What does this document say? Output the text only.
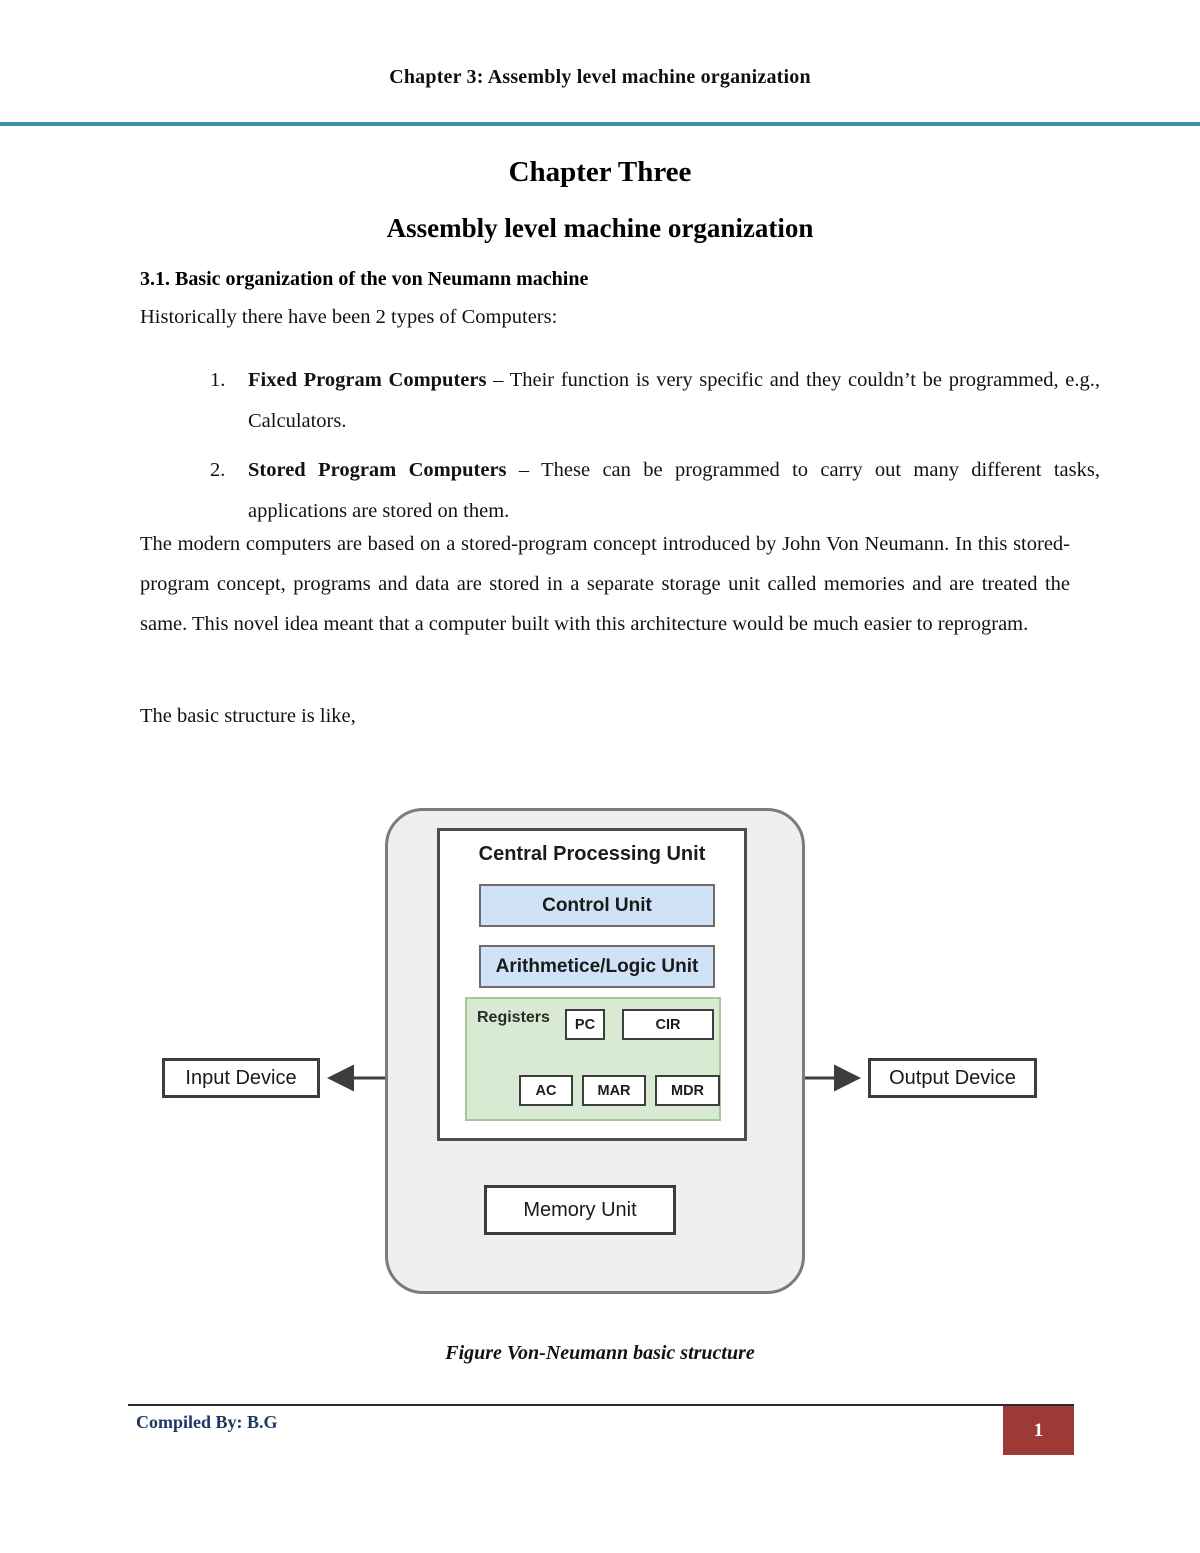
Chapter 3: Assembly level machine organization
Chapter Three
Assembly level machine organization
3.1. Basic organization of the von Neumann machine
Historically there have been 2 types of Computers:
1.	Fixed Program Computers – Their function is very specific and they couldn’t be programmed, e.g., Calculators.
2.	Stored Program Computers – These can be programmed to carry out many different tasks, applications are stored on them.
The modern computers are based on a stored-program concept introduced by John Von Neumann. In this stored-program concept, programs and data are stored in a separate storage unit called memories and are treated the same. This novel idea meant that a computer built with this architecture would be much easier to reprogram.
The basic structure is like,
Central Processing Unit
Control Unit
Arithmetice/Logic Unit
Registers	PC	CIR
AC	MAR	MDR
Input Device	Output Device
Memory Unit
Figure Von-Neumann basic structure
Compiled By: B.G	1
